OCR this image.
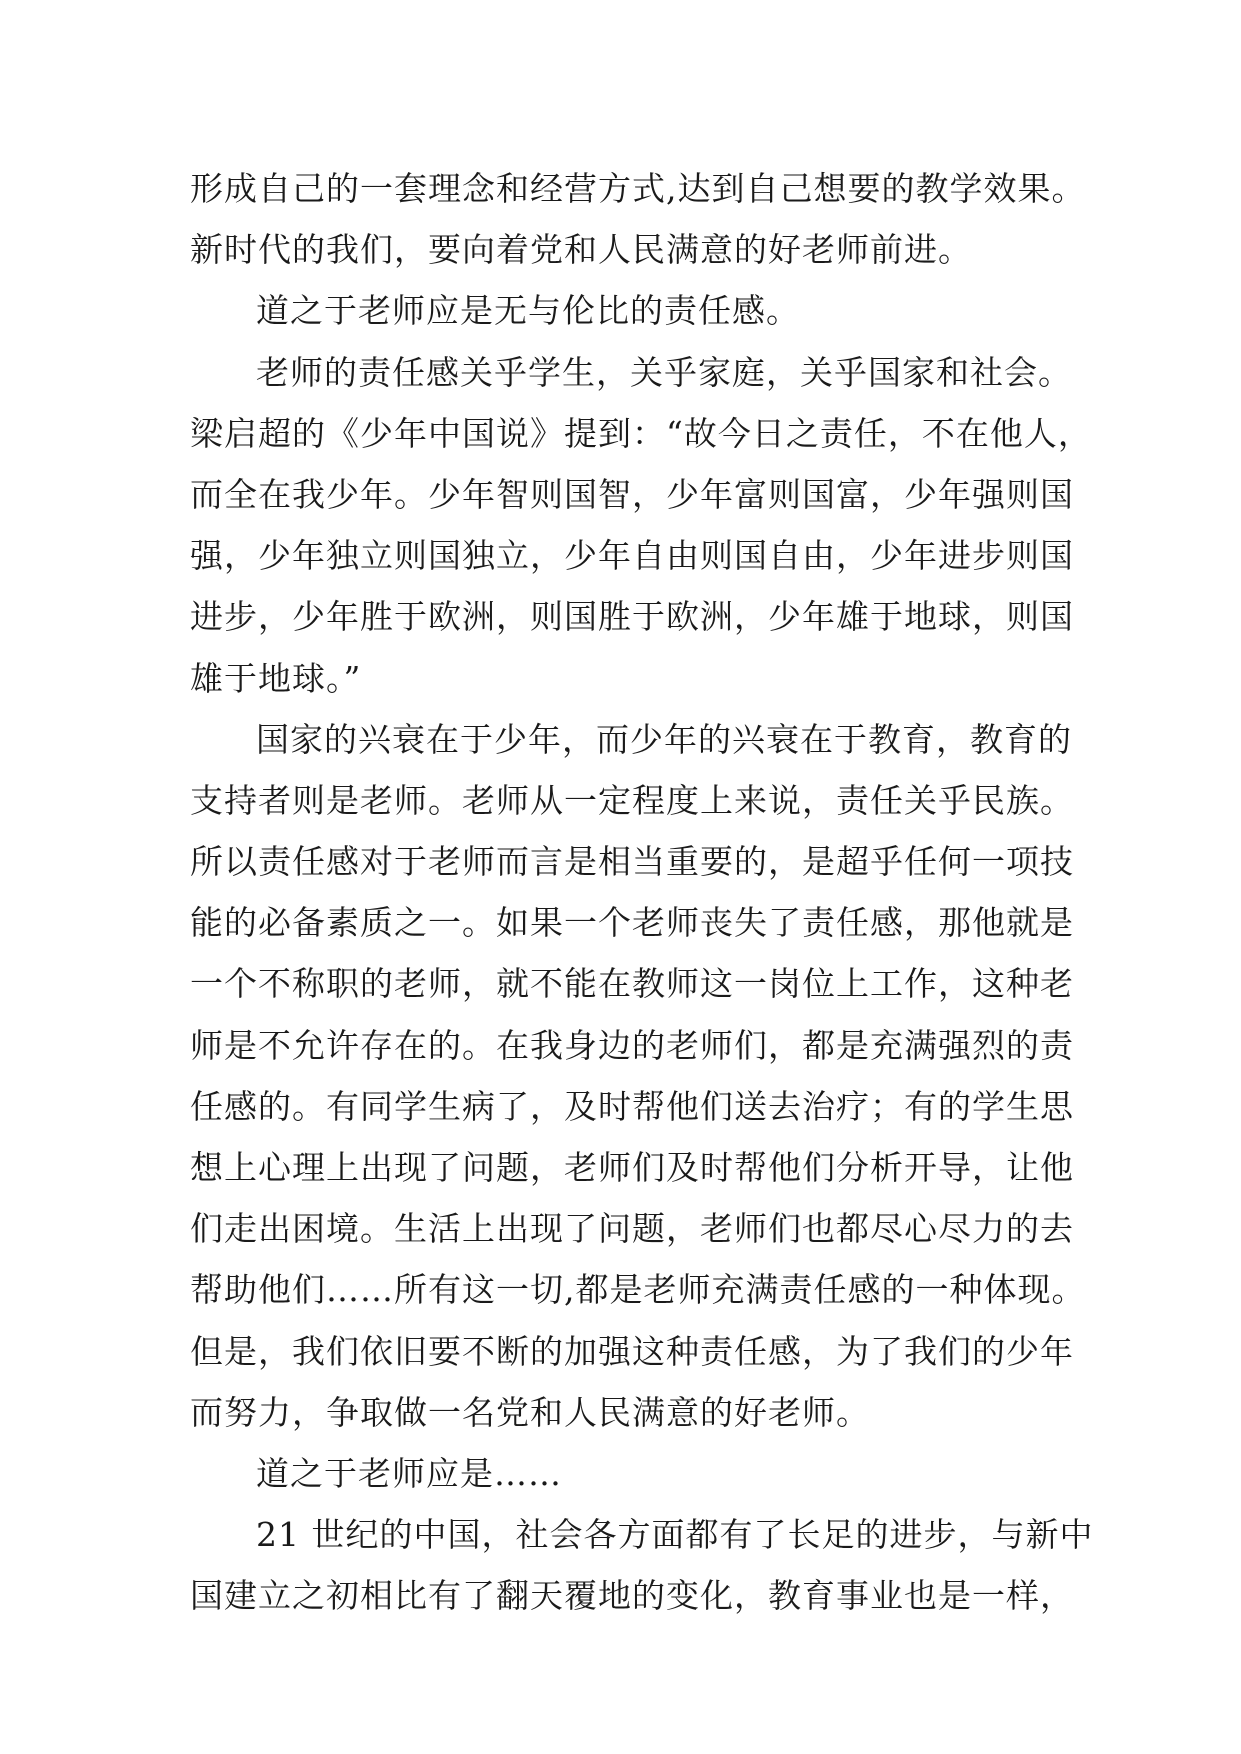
形成自己的一套理念和经营方式,达到自己想要的教学效果。
新时代的我们，要向着党和人民满意的好老师前进。
道之于老师应是无与伦比的责任感。
老师的责任感关乎学生，关乎家庭，关乎国家和社会。
梁启超的《少年中国说》提到：“故今日之责任，不在他人，
而全在我少年。少年智则国智，少年富则国富，少年强则国
强，少年独立则国独立，少年自由则国自由，少年进步则国
进步，少年胜于欧洲，则国胜于欧洲，少年雄于地球，则国
雄于地球。”
国家的兴衰在于少年，而少年的兴衰在于教育，教育的
支持者则是老师。老师从一定程度上来说，责任关乎民族。
所以责任感对于老师而言是相当重要的，是超乎任何一项技
能的必备素质之一。如果一个老师丧失了责任感，那他就是
一个不称职的老师，就不能在教师这一岗位上工作，这种老
师是不允许存在的。在我身边的老师们，都是充满强烈的责
任感的。有同学生病了，及时帮他们送去治疗；有的学生思
想上心理上出现了问题，老师们及时帮他们分析开导，让他
们走出困境。生活上出现了问题，老师们也都尽心尽力的去
帮助他们……所有这一切,都是老师充满责任感的一种体现。
但是，我们依旧要不断的加强这种责任感，为了我们的少年
而努力，争取做一名党和人民满意的好老师。
道之于老师应是……
21 世纪的中国，社会各方面都有了长足的进步，与新中
国建立之初相比有了翻天覆地的变化，教育事业也是一样，
